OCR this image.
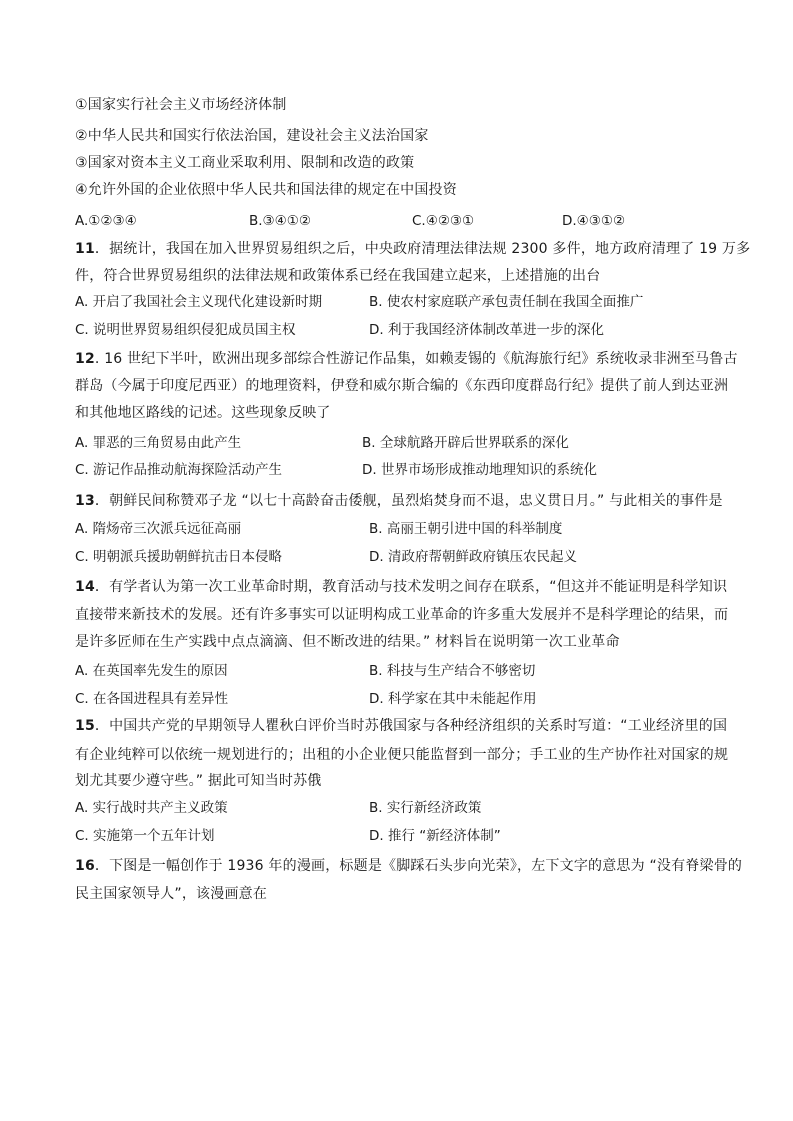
①国家实行社会主义市场经济体制
②中华人民共和国实行依法治国，建设社会主义法治国家
③国家对资本主义工商业采取利用、限制和改造的政策
④允许外国的企业依照中华人民共和国法律的规定在中国投资
A.①②③④	B.③④①②	C.④②③①	D.④③①②
11．据统计，我国在加入世界贸易组织之后，中央政府清理法律法规 2300 多件，地方政府清理了 19 万多
件，符合世界贸易组织的法律法规和政策体系已经在我国建立起来，上述措施的出台
A. 开启了我国社会主义现代化建设新时期	B. 使农村家庭联产承包责任制在我国全面推广
C. 说明世界贸易组织侵犯成员国主权	D. 利于我国经济体制改革进一步的深化
12. 16 世纪下半叶，欧洲出现多部综合性游记作品集，如赖麦锡的《航海旅行纪》系统收录非洲至马鲁古
群岛（今属于印度尼西亚）的地理资料，伊登和威尔斯合编的《东西印度群岛行纪》提供了前人到达亚洲
和其他地区路线的记述。这些现象反映了
A. 罪恶的三角贸易由此产生	B. 全球航路开辟后世界联系的深化
C. 游记作品推动航海探险活动产生	D. 世界市场形成推动地理知识的系统化
13．朝鲜民间称赞邓子龙 “以七十高龄奋击倭舰，虽烈焰焚身而不退，忠义贯日月。” 与此相关的事件是
A. 隋炀帝三次派兵远征高丽	B. 高丽王朝引进中国的科举制度
C. 明朝派兵援助朝鲜抗击日本侵略	D. 清政府帮朝鲜政府镇压农民起义
14．有学者认为第一次工业革命时期，教育活动与技术发明之间存在联系，“但这并不能证明是科学知识
直接带来新技术的发展。还有许多事实可以证明构成工业革命的许多重大发展并不是科学理论的结果，而
是许多匠师在生产实践中点点滴滴、但不断改进的结果。” 材料旨在说明第一次工业革命
A. 在英国率先发生的原因	B. 科技与生产结合不够密切
C. 在各国进程具有差异性	D. 科学家在其中未能起作用
15．中国共产党的早期领导人瞿秋白评价当时苏俄国家与各种经济组织的关系时写道：“工业经济里的国
有企业纯粹可以依统一规划进行的；出租的小企业便只能监督到一部分；手工业的生产协作社对国家的规
划尤其要少遵守些。” 据此可知当时苏俄
A. 实行战时共产主义政策	B. 实行新经济政策
C. 实施第一个五年计划	D. 推行 “新经济体制”
16．下图是一幅创作于 1936 年的漫画，标题是《脚踩石头步向光荣》，左下文字的意思为 “没有脊梁骨的
民主国家领导人”，该漫画意在
